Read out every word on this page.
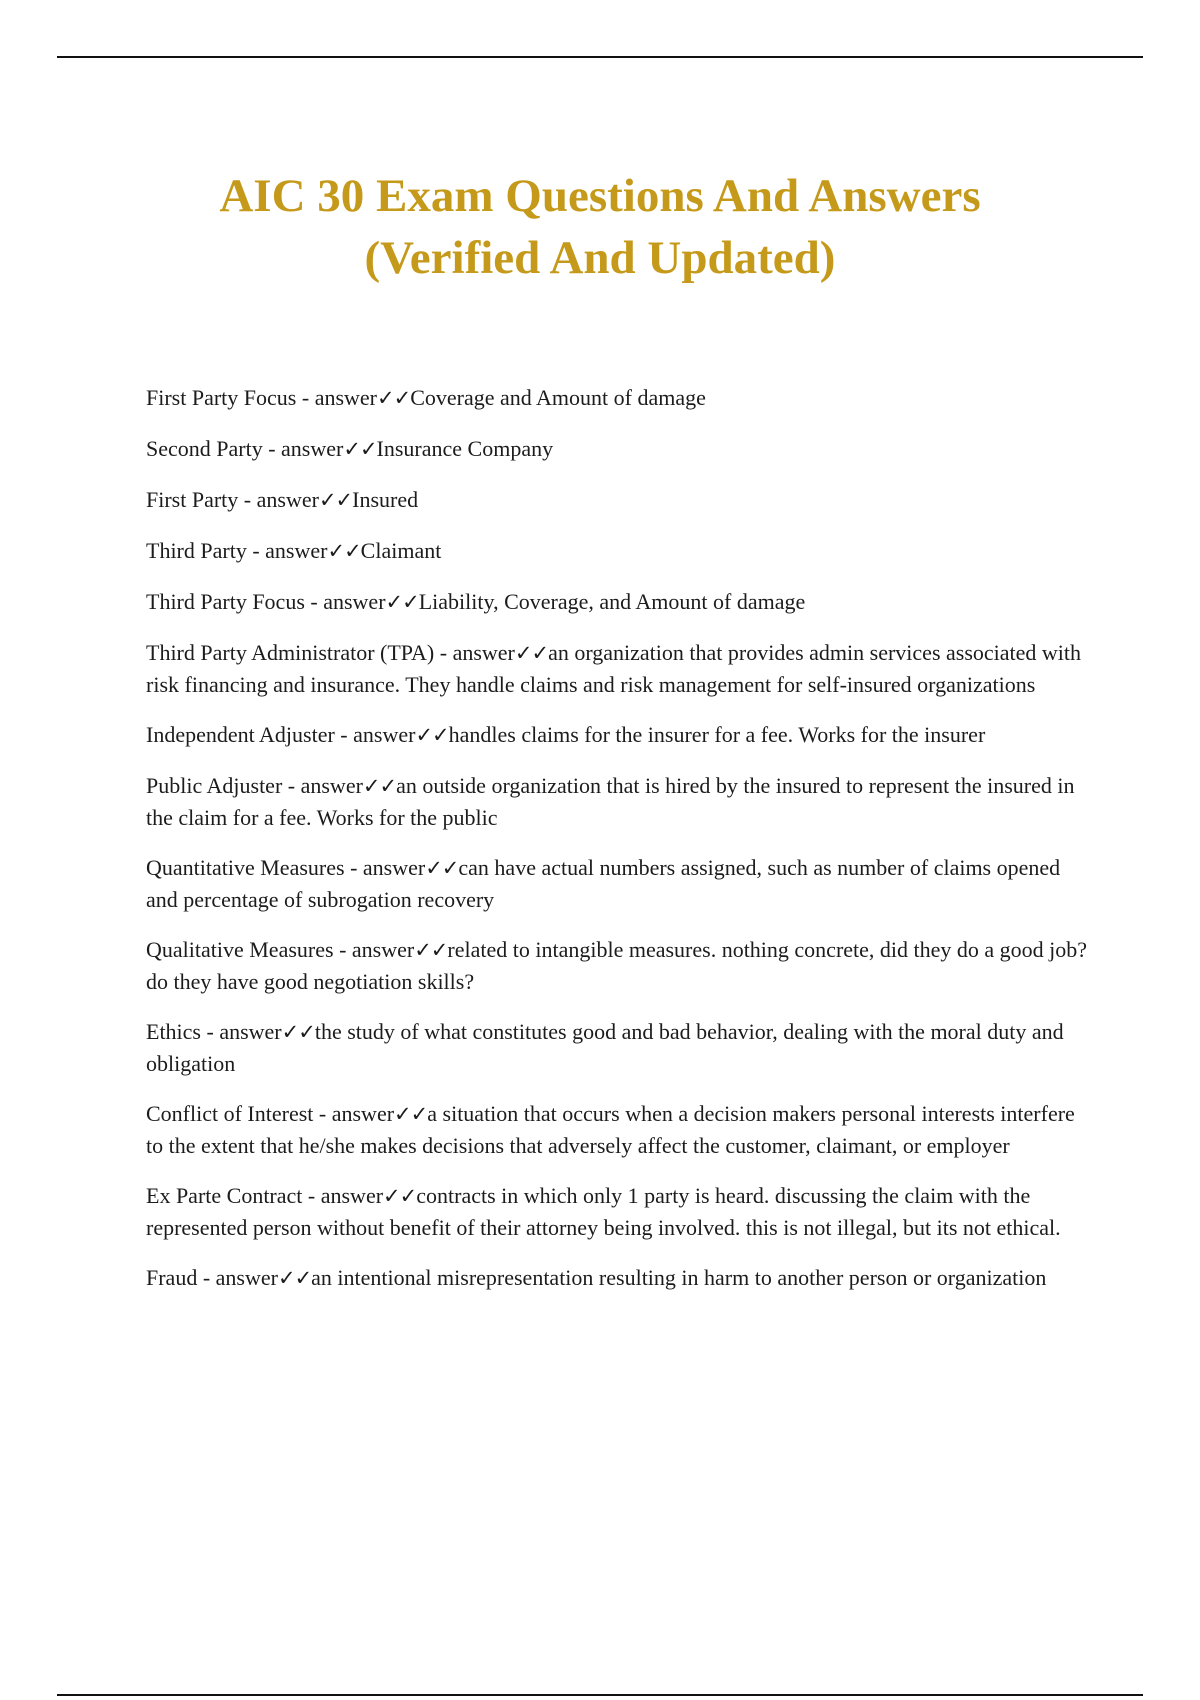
AIC 30 Exam Questions And Answers
(Verified And Updated)
First Party Focus - answer✓✓Coverage and Amount of damage
Second Party - answer✓✓Insurance Company
First Party - answer✓✓Insured
Third Party - answer✓✓Claimant
Third Party Focus - answer✓✓Liability, Coverage, and Amount of damage
Third Party Administrator (TPA) - answer✓✓an organization that provides admin services associated with risk financing and insurance. They handle claims and risk management for self-insured organizations
Independent Adjuster - answer✓✓handles claims for the insurer for a fee. Works for the insurer
Public Adjuster - answer✓✓an outside organization that is hired by the insured to represent the insured in the claim for a fee. Works for the public
Quantitative Measures - answer✓✓can have actual numbers assigned, such as number of claims opened and percentage of subrogation recovery
Qualitative Measures - answer✓✓related to intangible measures. nothing concrete, did they do a good job? do they have good negotiation skills?
Ethics - answer✓✓the study of what constitutes good and bad behavior, dealing with the moral duty and obligation
Conflict of Interest - answer✓✓a situation that occurs when a decision makers personal interests interfere to the extent that he/she makes decisions that adversely affect the customer, claimant, or employer
Ex Parte Contract - answer✓✓contracts in which only 1 party is heard. discussing the claim with the represented person without benefit of their attorney being involved. this is not illegal, but its not ethical.
Fraud - answer✓✓an intentional misrepresentation resulting in harm to another person or organization
